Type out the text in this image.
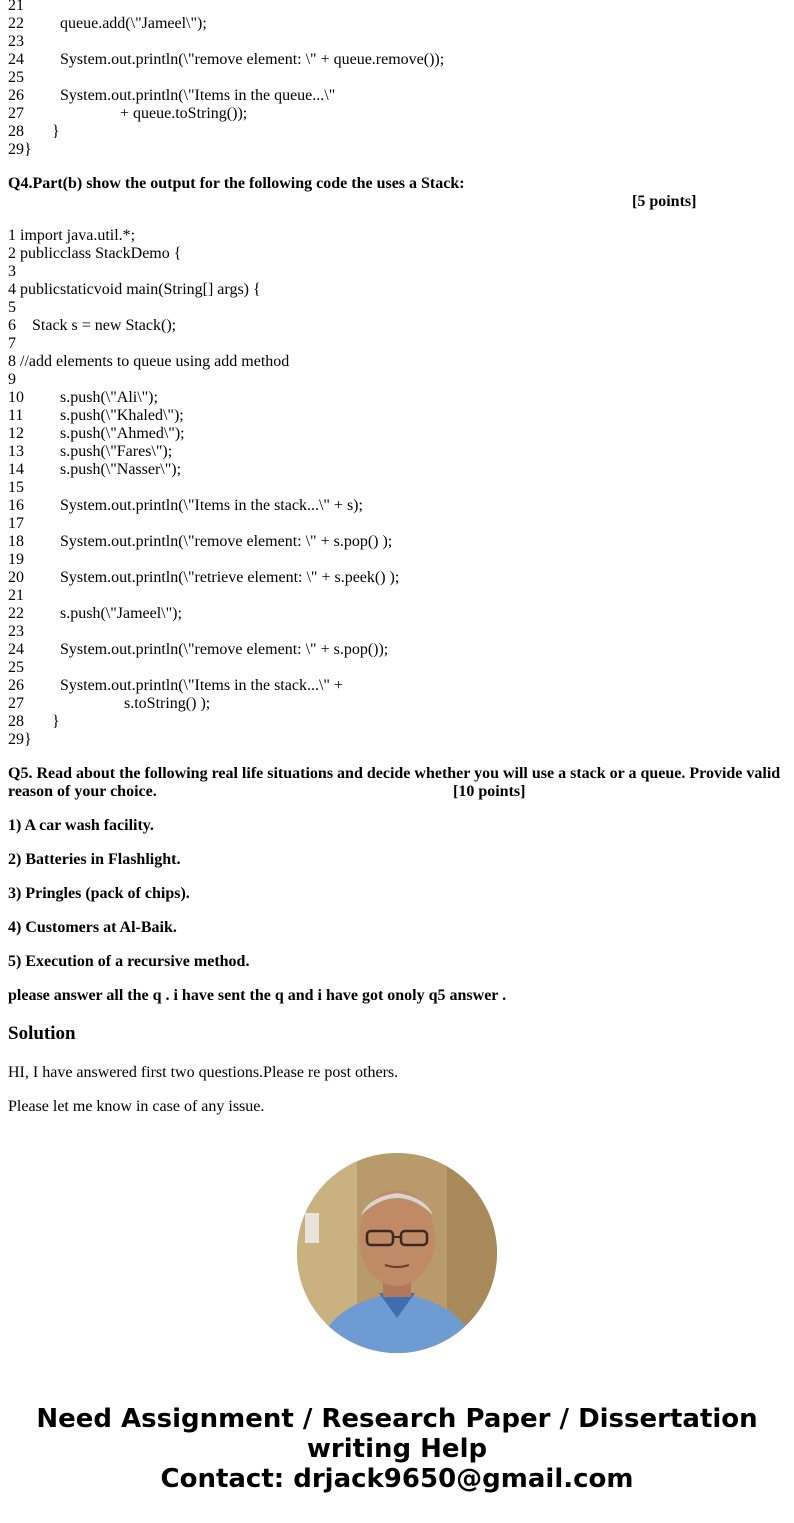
21
22    queue.add(\"Jameel\");
23
24    System.out.println(\"remove element: \" + queue.remove());
25
26    System.out.println(\"Items in the queue...\"
27                   + queue.toString());
28  }
29 }
Q4.Part(b) show the output for the following code the uses a Stack:
[5 points]
1 import java.util.*;
2 publicclass StackDemo {
3
4 publicstaticvoid main(String[] args) {
5
6   Stack s = new Stack();
7
8 //add elements to queue using add method
9
10    s.push(\"Ali\");
11    s.push(\"Khaled\");
12    s.push(\"Ahmed\");
13    s.push(\"Fares\");
14    s.push(\"Nasser\");
15
16    System.out.println(\"Items in the stack...\" + s);
17
18    System.out.println(\"remove element: \" + s.pop() );
19
20    System.out.println(\"retrieve element: \" + s.peek() );
21
22    s.push(\"Jameel\");
23
24    System.out.println(\"remove element: \" + s.pop());
25
26    System.out.println(\"Items in the stack...\" +
27                    s.toString() );
28  }
29 }
Q5. Read about the following real life situations and decide whether you will use a stack or a queue. Provide valid
reason of your choice.	[10 points]
1) A car wash facility.
2) Batteries in Flashlight.
3) Pringles (pack of chips).
4) Customers at Al-Baik.
5) Execution of a recursive method.
please answer all the q . i have sent the q and i have got onoly q5 answer .
Solution
HI, I have answered first two questions.Please re post others.
Please let me know in case of any issue.
Need Assignment / Research Paper / Dissertation
writing Help
Contact: drjack9650@gmail.com
